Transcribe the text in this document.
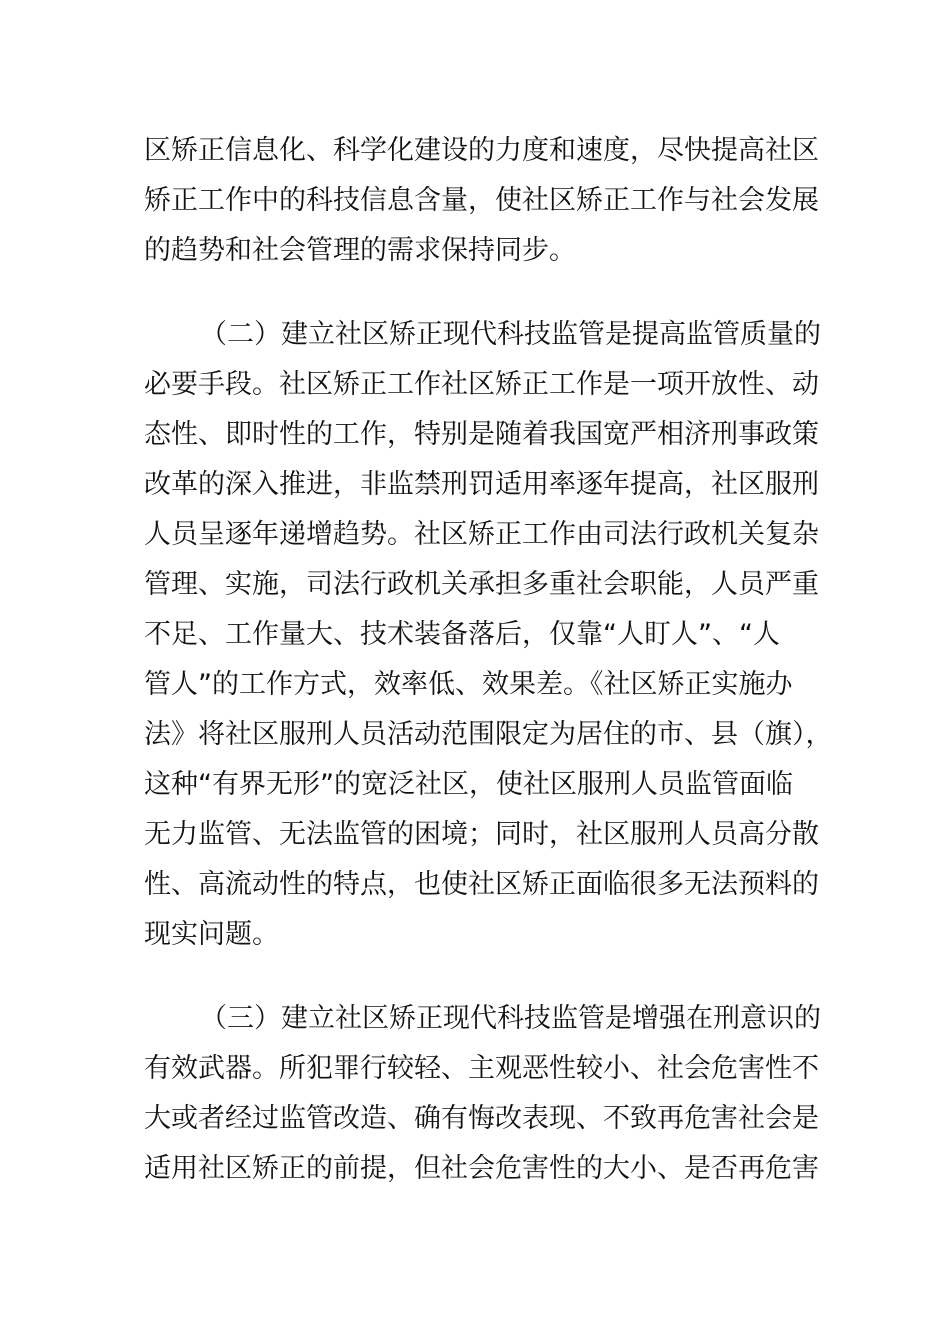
区矫正信息化、科学化建设的力度和速度，尽快提高社区
矫正工作中的科技信息含量，使社区矫正工作与社会发展
的趋势和社会管理的需求保持同步。
（二）建立社区矫正现代科技监管是提高监管质量的
必要手段。社区矫正工作社区矫正工作是一项开放性、动
态性、即时性的工作，特别是随着我国宽严相济刑事政策
改革的深入推进，非监禁刑罚适用率逐年提高，社区服刑
人员呈逐年递增趋势。社区矫正工作由司法行政机关复杂
管理、实施，司法行政机关承担多重社会职能，人员严重
不足、工作量大、技术装备落后，仅靠“人盯人”、“人
管人”的工作方式，效率低、效果差。《社区矫正实施办
法》将社区服刑人员活动范围限定为居住的市、县（旗），
这种“有界无形”的宽泛社区，使社区服刑人员监管面临
无力监管、无法监管的困境；同时，社区服刑人员高分散
性、高流动性的特点，也使社区矫正面临很多无法预料的
现实问题。
（三）建立社区矫正现代科技监管是增强在刑意识的
有效武器。所犯罪行较轻、主观恶性较小、社会危害性不
大或者经过监管改造、确有悔改表现、不致再危害社会是
适用社区矫正的前提，但社会危害性的大小、是否再危害
